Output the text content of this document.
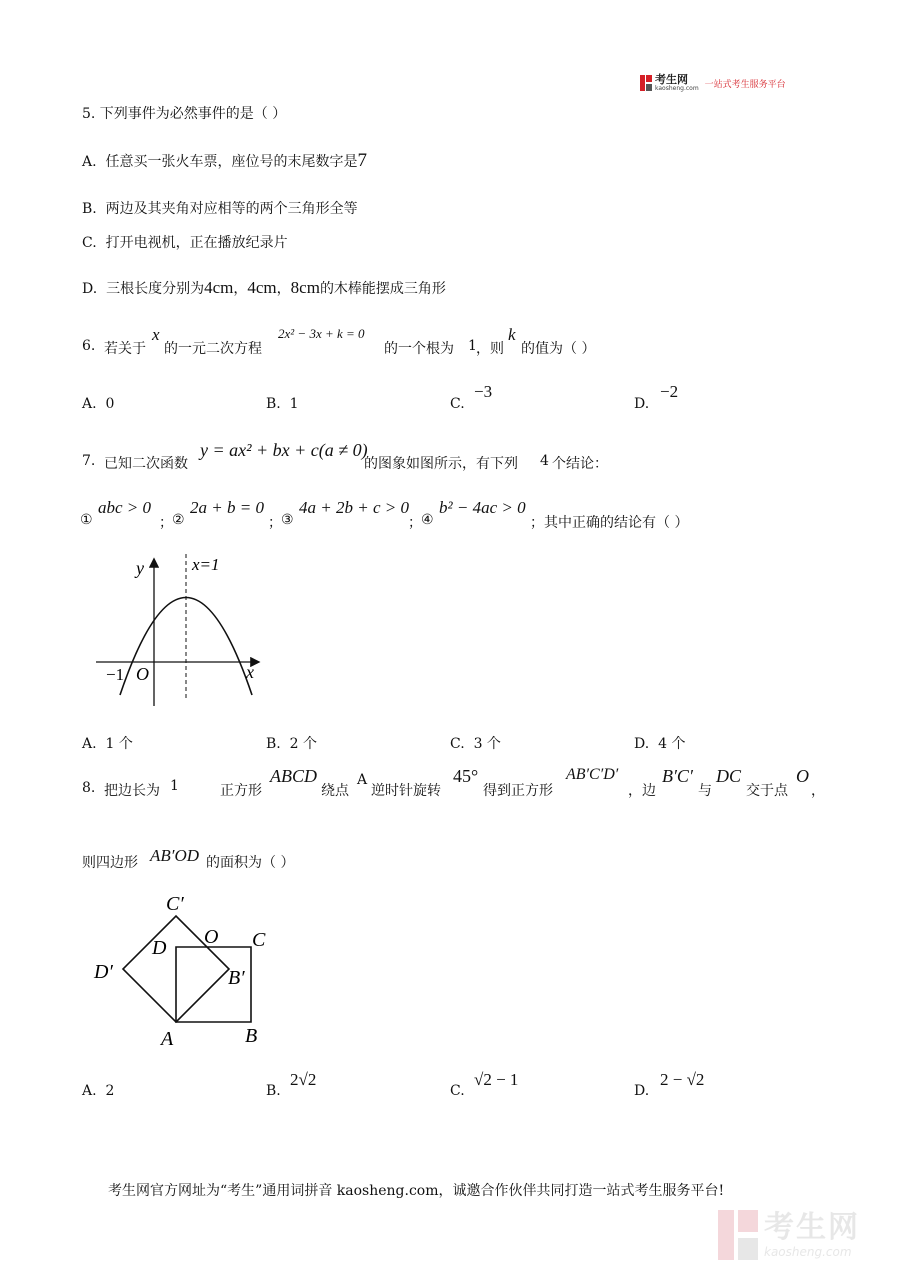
考生网
kaosheng.com 一站式考生服务平台
5. 下列事件为必然事件的是（ ）
A. 任意买一张火车票，座位号的末尾数字是7
B. 两边及其夹角对应相等的两个三角形全等
C. 打开电视机，正在播放纪录片
D. 三根长度分别为4cm，4cm，8cm的木棒能摆成三角形
6. 若关于
x
的一元二次方程
2x² − 3x + k = 0
的一个根为 1 ，则
k
的值为（ ）
A. 0	B. 1	C.
−3
D.
−2
7. 已知二次函数
y = ax² + bx + c(a ≠ 0)
的图象如图所示，有下列 4 个结论：
①
abc > 0
； ②
2a + b = 0
； ③
4a + 2b + c > 0
； ④
b² − 4ac > 0
；其中正确的结论有（ ）
y
x
x=1
O
−1
A. 1 个	B. 2 个	C. 3 个	D. 4 个
8. 把边长为 1	正方形
ABCD
绕点
A
逆时针旋转
45°
得到正方形
AB′C′D′
，边
B′C′
与
DC
交于点
O
，
则四边形 AB′OD 的面积为（ ）
C′
D O C
D′	B′
A	B
A. 2	B.
2√2
C.
√2 − 1
D.
2 − √2
考生网官方网址为“考生”通用词拼音 kaosheng.com，诚邀合作伙伴共同打造一站式考生服务平台!
考生网
kaosheng.com
